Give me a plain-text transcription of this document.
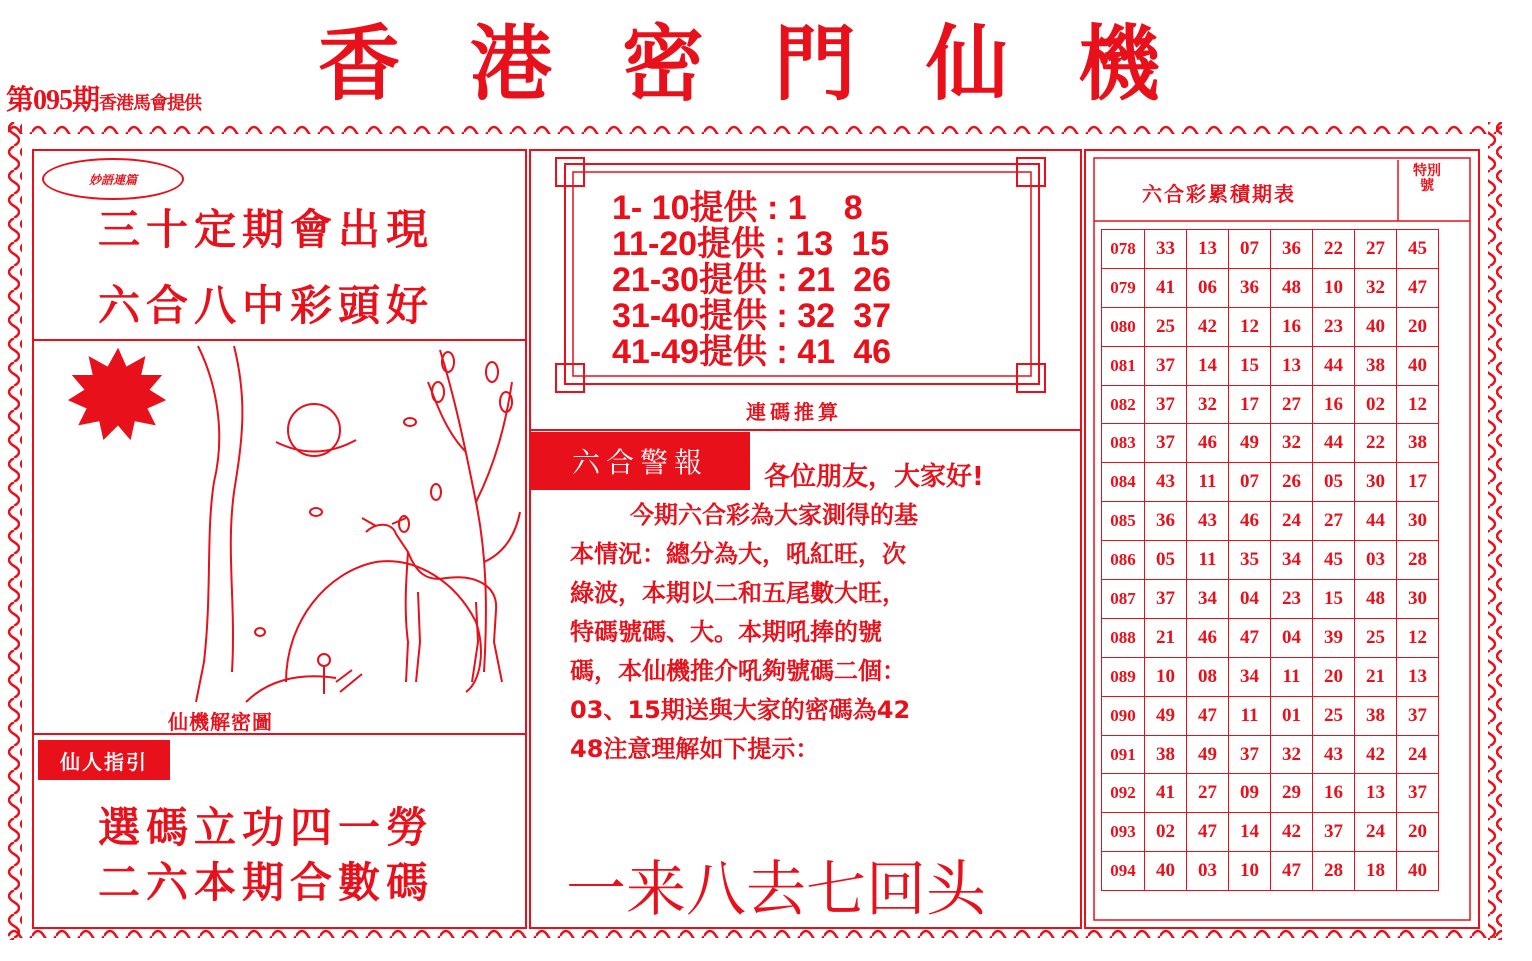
第095期香港馬會提供 香港密門仙機
妙語連篇
三十定期會出現
六合八中彩頭好
仙機解密圖
仙人指引
選碼立功四一勞
二六本期合數碼
1- 10提供 : 1 8
11-20提供 : 13 15
21-30提供 : 21 26
31-40提供 : 32 37
41-49提供 : 41 46
連碼推算
六合警報	各位朋友，大家好!
今期六合彩為大家測得的基
本情況：總分為大，吼紅旺，次
綠波，本期以二和五尾數大旺，
特碼號碼、大。本期吼捧的號
碼，本仙機推介吼夠號碼二個：
03、15期送與大家的密碼為42
48注意理解如下提示：
一来八去七回头
六合彩累積期表
特別號
078	33	13	07	36	22	27	45
079	41	06	36	48	10	32	47
080	25	42	12	16	23	40	20
081	37	14	15	13	44	38	40
082	37	32	17	27	16	02	12
083	37	46	49	32	44	22	38
084	43	11	07	26	05	30	17
085	36	43	46	24	27	44	30
086	05	11	35	34	45	03	28
087	37	34	04	23	15	48	30
088	21	46	47	04	39	25	12
089	10	08	34	11	20	21	13
090	49	47	11	01	25	38	37
091	38	49	37	32	43	42	24
092	41	27	09	29	16	13	37
093	02	47	14	42	37	24	20
094	40	03	10	47	28	18	40
